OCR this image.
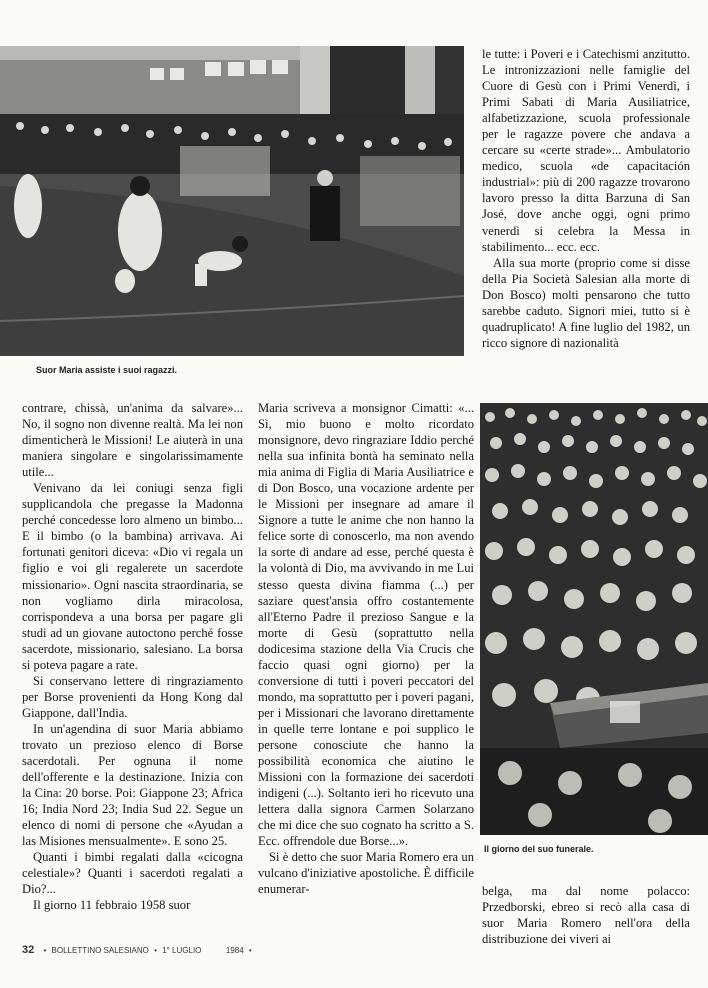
Suor Maria assiste i suoi ragazzi.

le tutte: i Poveri e i Catechismi anzitutto. Le intronizzazioni nelle famiglie del Cuore di Gesù con i Primi Venerdì, i Primi Sabati di Maria Ausiliatrice, alfabetizzazione, scuola professionale per le ragazze povere che andava a cercare su «certe strade»... Ambulatorio medico, scuola «de capacitación industrial»: più di 200 ragazze trovarono lavoro presso la ditta Barzuna di San José, dove anche oggi, ogni primo venerdì si celebra la Messa in stabilimento... ecc. ecc.

Alla sua morte (proprio come si disse della Pia Società Salesian alla morte di Don Bosco) molti pensarono che tutto sarebbe caduto. Signori miei, tutto si è quadruplicato! A fine luglio del 1982, un ricco signore di nazionalità

contrare, chissà, un'anima da salvare»... No, il sogno non divenne realtà. Ma lei non dimenticherà le Missioni! Le aiuterà in una maniera singolare e singolarissimamente utile...

Venivano da lei coniugi senza figli supplicandola che pregasse la Madonna perché concedesse loro almeno un bimbo... E il bimbo (o la bambina) arrivava. Ai fortunati genitori diceva: «Dio vi regala un figlio e voi gli regalerete un sacerdote missionario». Ogni nascita straordinaria, se non vogliamo dirla miracolosa, corrispondeva a una borsa per pagare gli studi ad un giovane autoctono perché fosse sacerdote, missionario, salesiano. La borsa si poteva pagare a rate.

Si conservano lettere di ringraziamento per Borse provenienti da Hong Kong dal Giappone, dall'India.

In un'agendina di suor Maria abbiamo trovato un prezioso elenco di Borse sacerdotali. Per ognuna il nome dell'offerente e la destinazione. Inizia con la Cina: 20 borse. Poi: Giappone 23; Africa 16; India Nord 23; India Sud 22. Segue un elenco di nomi di persone che «Ayudan a las Misiones mensualmente». E sono 25.

Quanti i bimbi regalati dalla «cicogna celestiale»? Quanti i sacerdoti regalati a Dio?...

Il giorno 11 febbraio 1958 suor

Maria scriveva a monsignor Cimatti: «... Sì, mio buono e molto ricordato monsignore, devo ringraziare Iddio perché nella sua infinita bontà ha seminato nella mia anima di Figlia di Maria Ausiliatrice e di Don Bosco, una vocazione ardente per le Missioni per insegnare ad amare il Signore a tutte le anime che non hanno la felice sorte di conoscerlo, ma non avendo la sorte di andare ad esse, perché questa è la volontà di Dio, ma avvivando in me Lui stesso questa divina fiamma (...) per saziare quest'ansia offro costantemente all'Eterno Padre il prezioso Sangue e la morte di Gesù (soprattutto nella dodicesima stazione della Via Crucis che faccio quasi ogni giorno) per la conversione di tutti i poveri peccatori del mondo, ma soprattutto per i poveri pagani, per i Missionari che lavorano direttamente in quelle terre lontane e poi supplico le persone conosciute che hanno la possibilità economica che aiutino le Missioni con la formazione dei sacerdoti indigeni (...). Soltanto ieri ho ricevuto una lettera dalla signora Carmen Solarzano che mi dice che suo cognato ha scritto a S. Ecc. offrendole due Borse...».

Si è detto che suor Maria Romero era un vulcano d'iniziative apostoliche. È difficile enumerar-

Il giorno del suo funerale.

belga, ma dal nome polacco: Przedborski, ebreo si recò alla casa di suor Maria Romero nell'ora della distribuzione dei viveri ai

32 • BOLLETTINO SALESIANO • 1° LUGLIO	1984 •
